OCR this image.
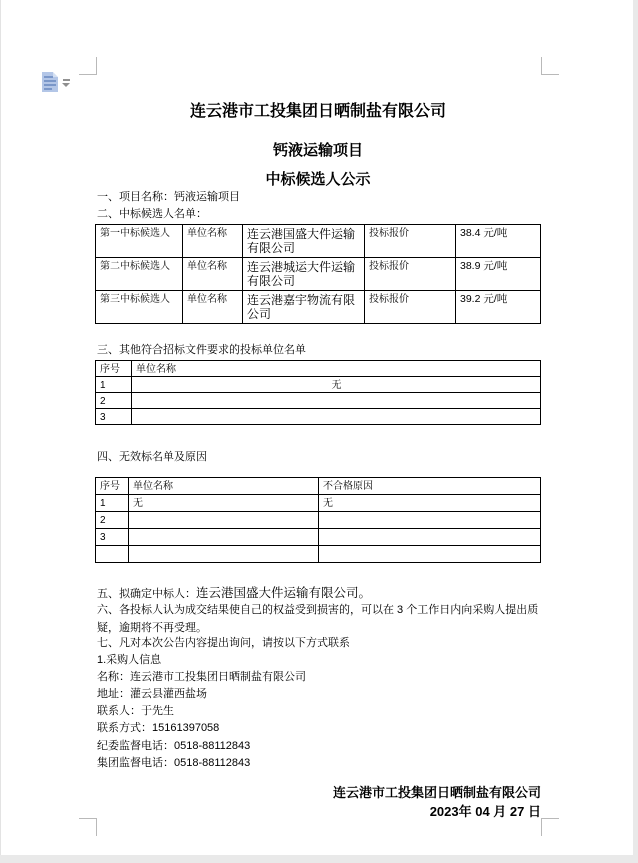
连云港市工投集团日晒制盐有限公司
钙液运输项目
中标候选人公示
一、项目名称：钙液运输项目
二、中标候选人名单：
第一中标候选人	单位名称	连云港国盛大件运输有限公司	投标报价	38.4 元/吨
第二中标候选人	单位名称	连云港城运大件运输有限公司	投标报价	38.9 元/吨
第三中标候选人	单位名称	连云港嘉宇物流有限公司	投标报价	39.2 元/吨
三、其他符合招标文件要求的投标单位名单
序号	单位名称
1	无
2	
3	
四、无效标名单及原因
序号	单位名称	不合格原因
1	无	无
2		
3		

五、拟确定中标人：连云港国盛大件运输有限公司。
六、各投标人认为成交结果使自己的权益受到损害的，可以在 3 个工作日内向采购人提出质疑，逾期将不再受理。
七、凡对本次公告内容提出询问，请按以下方式联系
1.采购人信息
名称：连云港市工投集团日晒制盐有限公司
地址：灌云县灌西盐场
联系人：于先生
联系方式：15161397058
纪委监督电话：0518-88112843
集团监督电话：0518-88112843
连云港市工投集团日晒制盐有限公司
2023年 04 月 27 日
